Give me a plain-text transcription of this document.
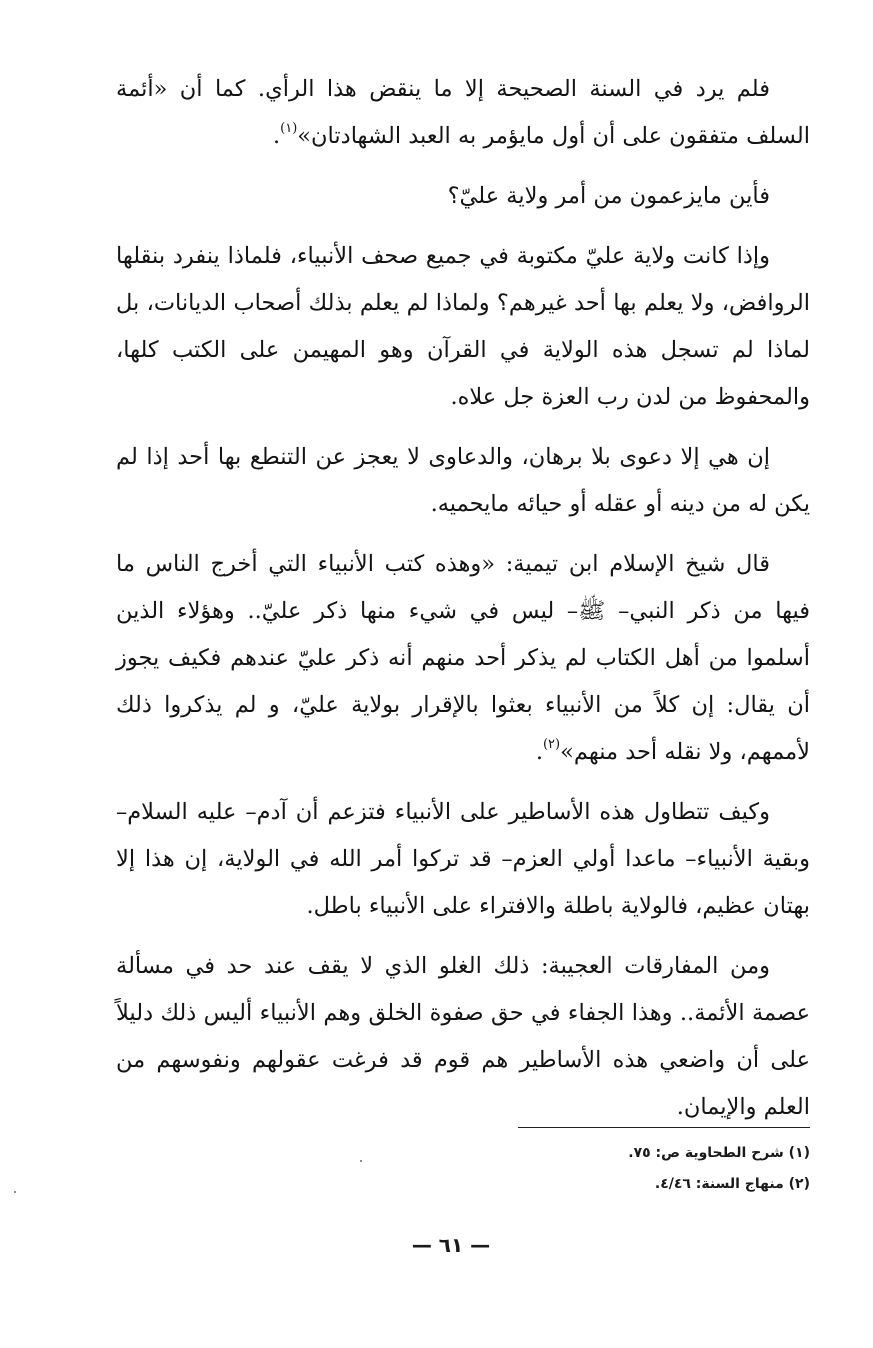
فلم يرد في السنة الصحيحة إلا ما ينقض هذا الرأي. كما أن «أئمة السلف متفقون على أن أول مايؤمر به العبد الشهادتان»$^{(١)}$.

فأين مايزعمون من أمر ولاية عليّ؟

وإذا كانت ولاية عليّ مكتوبة في جميع صحف الأنبياء، فلماذا ينفرد بنقلها الروافض، ولا يعلم بها أحد غيرهم؟ ولماذا لم يعلم بذلك أصحاب الديانات، بل لماذا لم تسجل هذه الولاية في القرآن وهو المهيمن على الكتب كلها، والمحفوظ من لدن رب العزة جل علاه.

إن هي إلا دعوى بلا برهان، والدعاوى لا يعجز عن التنطع بها أحد إذا لم يكن له من دينه أو عقله أو حيائه مايحميه.

قال شيخ الإسلام ابن تيمية: «وهذه كتب الأنبياء التي أخرج الناس ما فيها من ذكر النبي– ﷺ– ليس في شيء منها ذكر عليّ.. وهؤلاء الذين أسلموا من أهل الكتاب لم يذكر أحد منهم أنه ذكر عليّ عندهم فكيف يجوز أن يقال: إن كلاً من الأنبياء بعثوا بالإقرار بولاية عليّ، و لم يذكروا ذلك لأممهم، ولا نقله أحد منهم»$^{(٢)}$.

وكيف تتطاول هذه الأساطير على الأنبياء فتزعم أن آدم– عليه السلام– وبقية الأنبياء– ماعدا أولي العزم– قد تركوا أمر الله في الولاية، إن هذا إلا بهتان عظيم، فالولاية باطلة والافتراء على الأنبياء باطل.

ومن المفارقات العجيبة: ذلك الغلو الذي لا يقف عند حد في مسألة عصمة الأئمة.. وهذا الجفاء في حق صفوة الخلق وهم الأنبياء أليس ذلك دليلاً على أن واضعي هذه الأساطير هم قوم قد فرغت عقولهم ونفوسهم من العلم والإيمان.

(١) شرح الطحاوية ص: ٧٥.
(٢) منهاج السنة: ٤/٤٦.
— ٦١ —
